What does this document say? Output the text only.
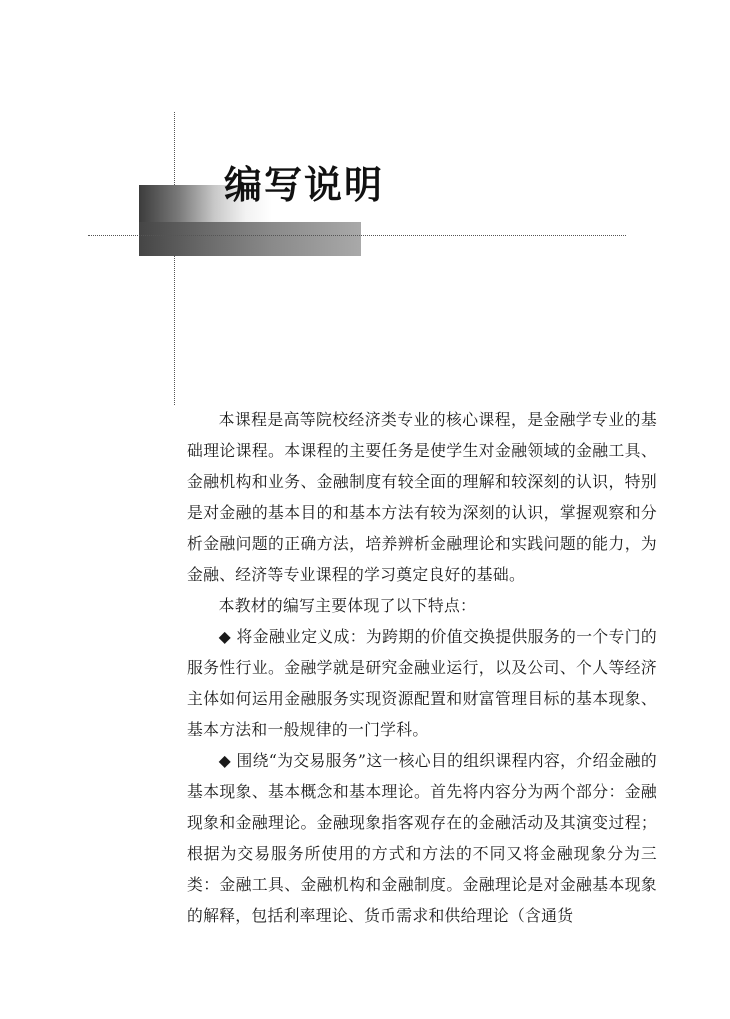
编写说明

本课程是高等院校经济类专业的核心课程，是金融学专业的基础理论课程。本课程的主要任务是使学生对金融领域的金融工具、金融机构和业务、金融制度有较全面的理解和较深刻的认识，特别是对金融的基本目的和基本方法有较为深刻的认识，掌握观察和分析金融问题的正确方法，培养辨析金融理论和实践问题的能力，为金融、经济等专业课程的学习奠定良好的基础。

本教材的编写主要体现了以下特点：

◆ 将金融业定义成：为跨期的价值交换提供服务的一个专门的服务性行业。金融学就是研究金融业运行，以及公司、个人等经济主体如何运用金融服务实现资源配置和财富管理目标的基本现象、基本方法和一般规律的一门学科。

◆ 围绕“为交易服务”这一核心目的组织课程内容，介绍金融的基本现象、基本概念和基本理论。首先将内容分为两个部分：金融现象和金融理论。金融现象指客观存在的金融活动及其演变过程；根据为交易服务所使用的方式和方法的不同又将金融现象分为三类：金融工具、金融机构和金融制度。金融理论是对金融基本现象的解释，包括利率理论、货币需求和供给理论（含通货
